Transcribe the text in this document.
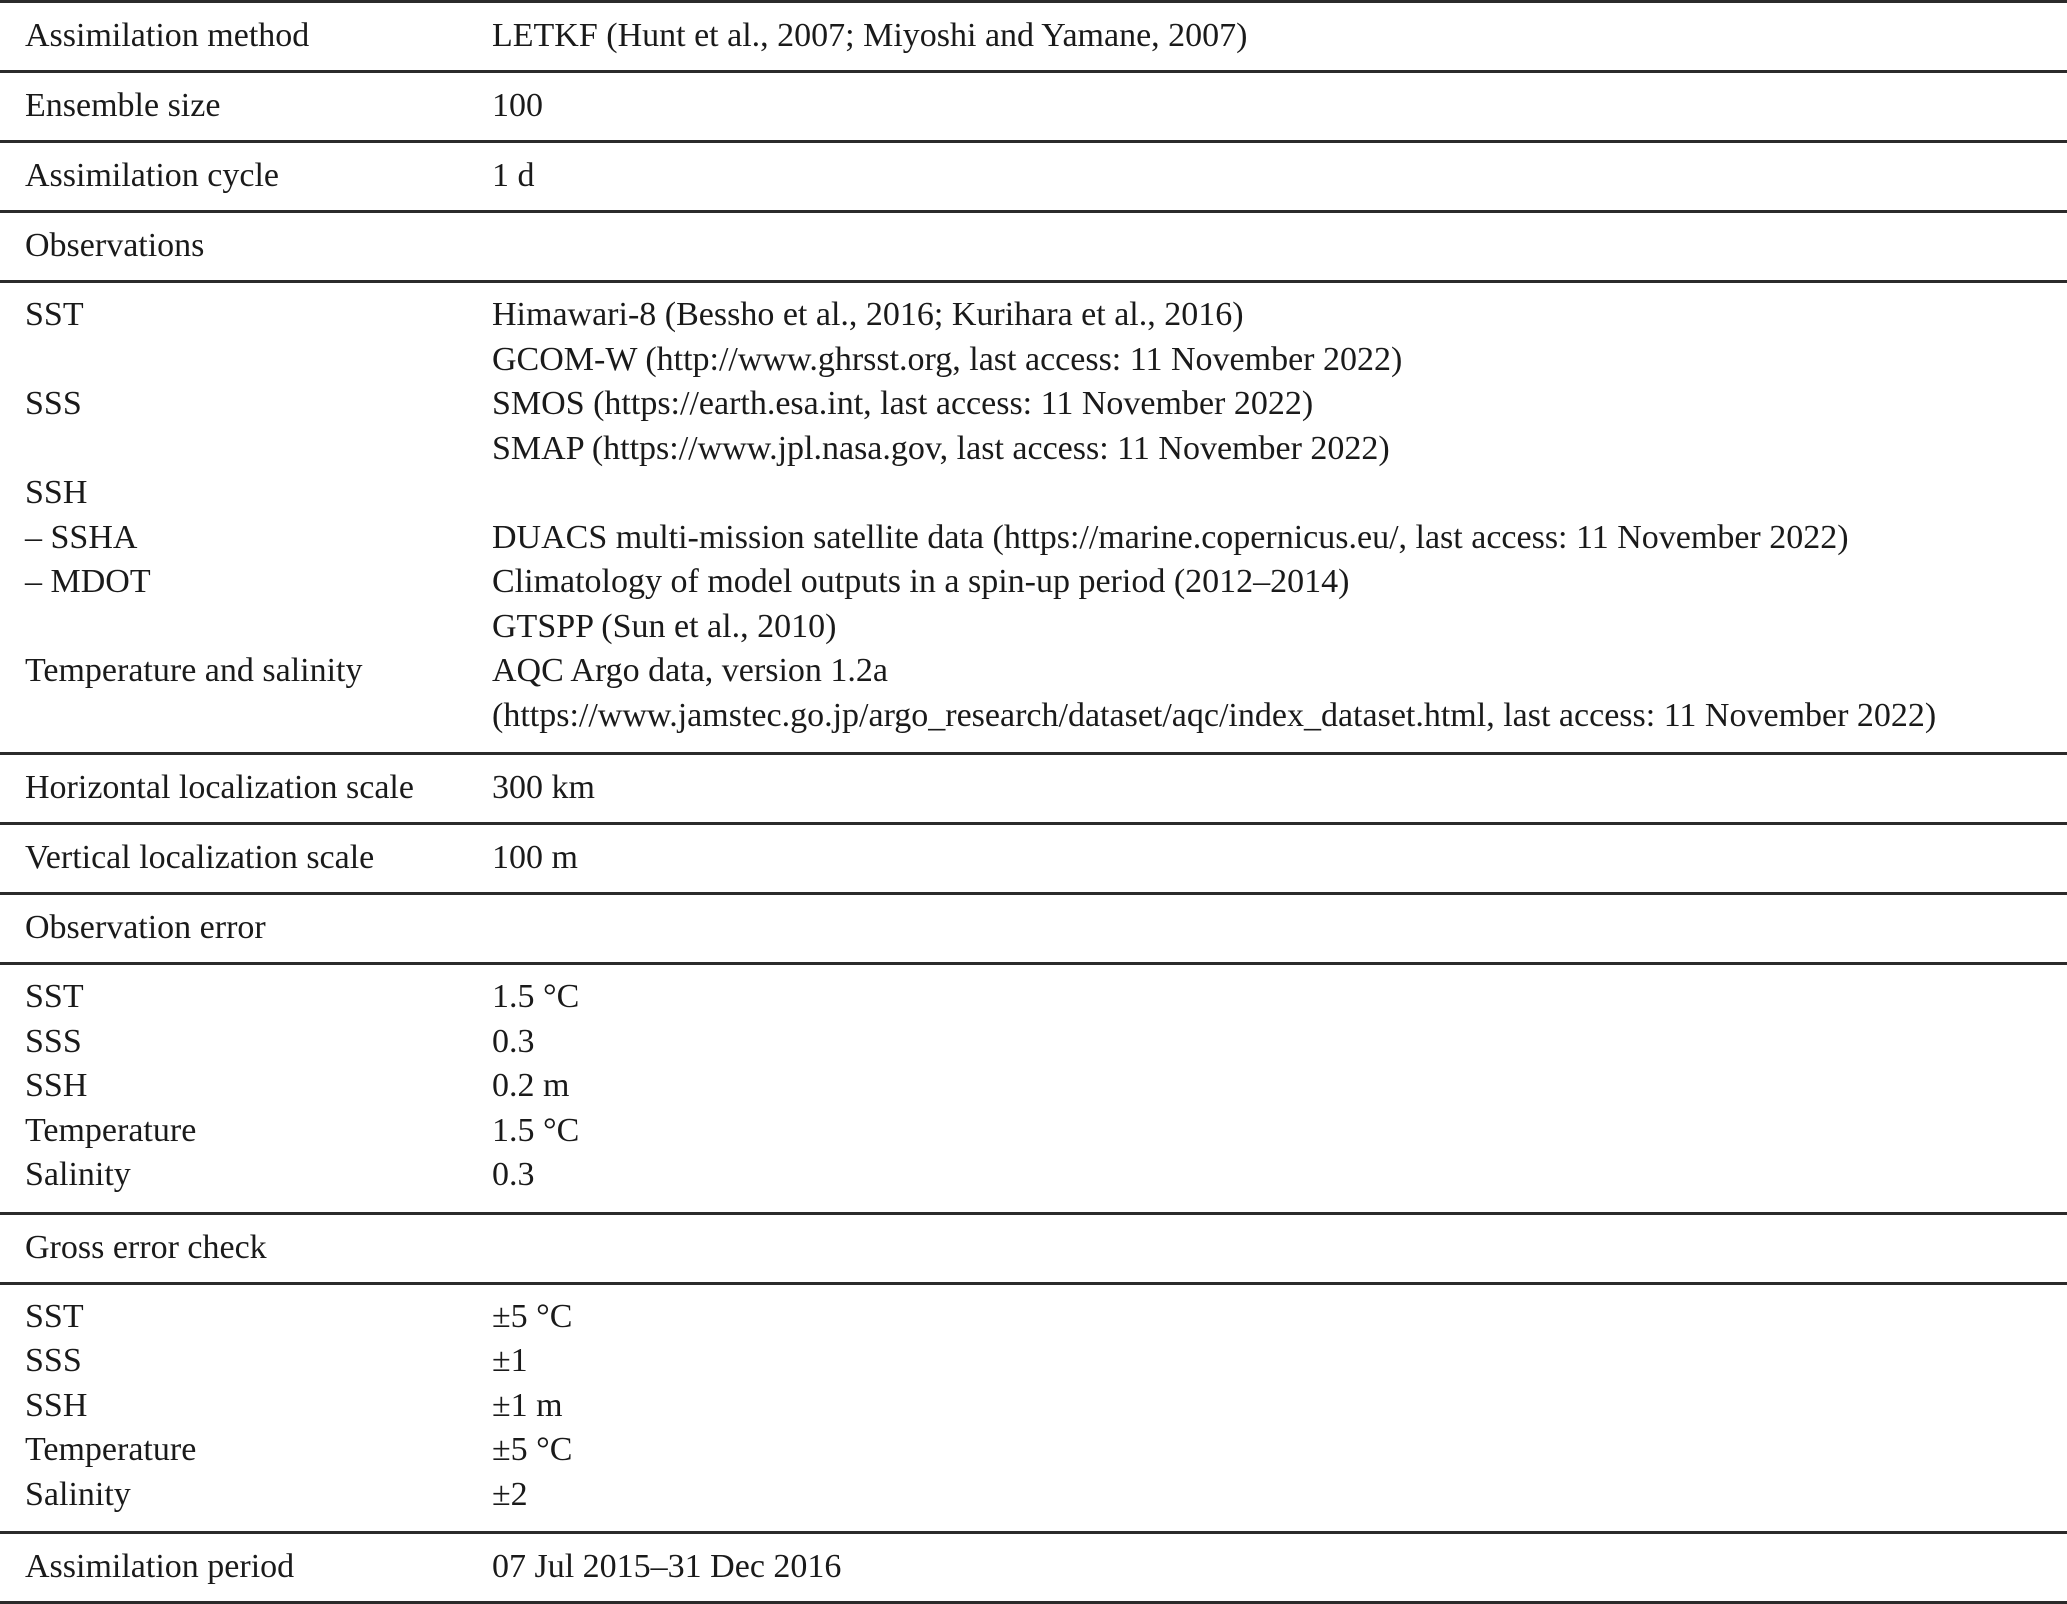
Assimilation method	LETKF (Hunt et al., 2007; Miyoshi and Yamane, 2007)
Ensemble size	100
Assimilation cycle	1 d
Observations
SST	Himawari-8 (Bessho et al., 2016; Kurihara et al., 2016)
GCOM-W (http://www.ghrsst.org, last access: 11 November 2022)
SSS	SMOS (https://earth.esa.int, last access: 11 November 2022)
SMAP (https://www.jpl.nasa.gov, last access: 11 November 2022)
SSH
– SSHA	DUACS multi-mission satellite data (https://marine.copernicus.eu/, last access: 11 November 2022)
– MDOT	Climatology of model outputs in a spin-up period (2012–2014)
GTSPP (Sun et al., 2010)
Temperature and salinity	AQC Argo data, version 1.2a
(https://www.jamstec.go.jp/argo_research/dataset/aqc/index_dataset.html, last access: 11 November 2022)
Horizontal localization scale	300 km
Vertical localization scale	100 m
Observation error
SST	1.5 °C
SSS	0.3
SSH	0.2 m
Temperature	1.5 °C
Salinity	0.3
Gross error check
SST	±5 °C
SSS	±1
SSH	±1 m
Temperature	±5 °C
Salinity	±2
Assimilation period	07 Jul 2015–31 Dec 2016
